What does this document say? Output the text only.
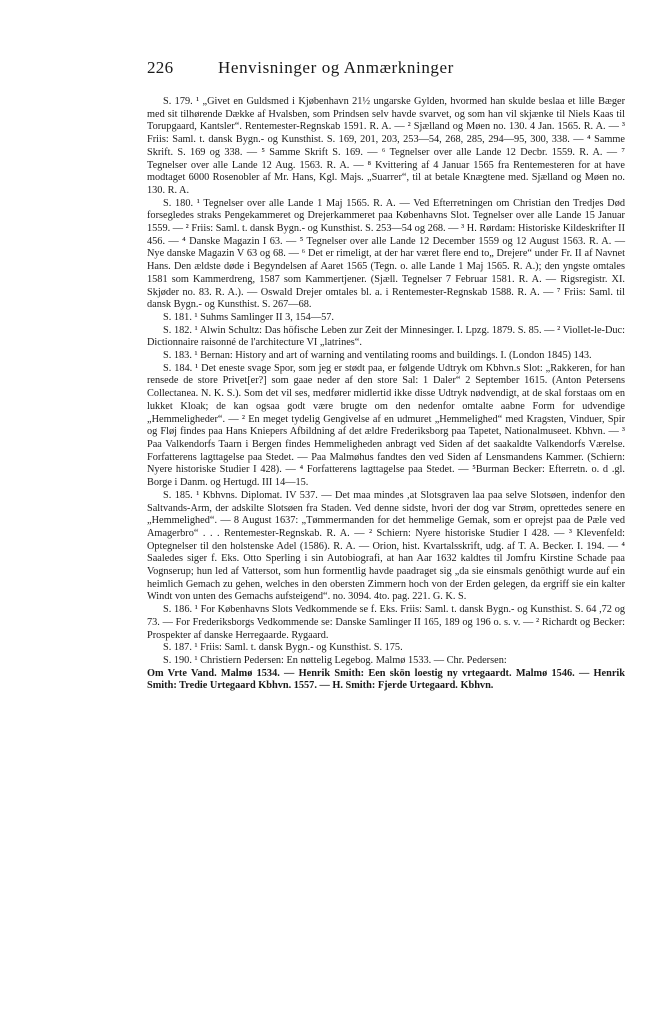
226	Henvisninger og Anmærkninger

S. 179. ¹ „Givet en Guldsmed i Kjøbenhavn 21½ ungarske Gylden, hvormed han skulde beslaa et lille Bæger med sit tilhørende Dække af Hvalsben, som Prindsen selv havde svarvet, og som han vil skjænke til Niels Kaas til Torupgaard, Kantsler“. Rentemester-Regnskab 1591. R. A. — ² Sjælland og Møen no. 130. 4 Jan. 1565. R. A. — ³ Friis: Saml. t. dansk Bygn.- og Kunsthist. S. 169, 201, 203, 253—54, 268, 285, 294—95, 300, 338. — ⁴ Samme Skrift. S. 169 og 338. — ⁵ Samme Skrift S. 169. — ⁶ Tegnelser over alle Lande 12 Decbr. 1559. R. A. — ⁷ Tegnelser over alle Lande 12 Aug. 1563. R. A. — ⁸ Kvittering af 4 Januar 1565 fra Rentemesteren for at have modtaget 6000 Rosenobler af Mr. Hans, Kgl. Majs. „Suarrer“, til at betale Knægtene med. Sjælland og Møen no. 130. R. A.

S. 180. ¹ Tegnelser over alle Lande 1 Maj 1565. R. A. — Ved Efterretningen om Christian den Tredjes Død forsegledes straks Pengekammeret og Drejerkammeret paa Københavns Slot. Tegnelser over alle Lande 15 Januar 1559. — ² Friis: Saml. t. dansk Bygn.- og Kunsthist. S. 253—54 og 268. — ³ H. Rørdam: Historiske Kildeskrifter II 456. — ⁴ Danske Magazin I 63. — ⁵ Tegnelser over alle Lande 12 December 1559 og 12 August 1563. R. A. — Nye danske Magazin V 63 og 68. — ⁶ Det er rimeligt, at der har været flere end to„ Drejere“ under Fr. II af Navnet Hans. Den ældste døde i Begyndelsen af Aaret 1565 (Tegn. o. alle Lande 1 Maj 1565. R. A.); den yngste omtales 1581 som Kammerdreng, 1587 som Kammertjener. (Sjæll. Tegnelser 7 Februar 1581. R. A. — Rigsregistr. XI. Skjøder no. 83. R. A.). — Oswald Drejer omtales bl. a. i Rentemester-Regnskab 1588. R. A. — ⁷ Friis: Saml. til dansk Bygn.- og Kunsthist. S. 267—68.

S. 181. ¹ Suhms Samlinger II 3, 154—57.

S. 182. ¹ Alwin Schultz: Das höfische Leben zur Zeit der Minnesinger. I. Lpzg. 1879. S. 85. — ² Viollet-le-Duc: Dictionnaire raisonné de l'architecture VI „latrines“.

S. 183. ¹ Bernan: History and art of warning and ventilating rooms and buildings. I. (London 1845) 143.

S. 184. ¹ Det eneste svage Spor, som jeg er stødt paa, er følgende Udtryk om Kbhvn.s Slot: „Rakkeren, for han rensede de store Privet[er?] som gaae neder af den store Sal: 1 Daler“ 2 September 1615. (Anton Petersens Collectanea. N. K. S.). Som det vil ses, medfører midlertid ikke disse Udtryk nødvendigt, at de skal forstaas om en lukket Kloak; de kan ogsaa godt være brugte om den nedenfor omtalte aabne Form for udvendige „Hemmeligheder“. — ² En meget tydelig Gengivelse af en udmuret „Hemmelighed“ med Kragsten, Vinduer, Spir og Fløj findes paa Hans Kniepers Afbildning af det ældre Frederiksborg paa Tapetet, Nationalmuseet. Kbhvn. — ³ Paa Valkendorfs Taarn i Bergen findes Hemmeligheden anbragt ved Siden af det saakaldte Valkendorfs Værelse. Forfatterens lagttagelse paa Stedet. — Paa Malmøhus fandtes den ved Siden af Lensmandens Kammer. (Schiern: Nyere historiske Studier I 428). — ⁴ Forfatterens lagttagelse paa Stedet. — ⁵Burman Becker: Efterretn. o. d .gl. Borge i Danm. og Hertugd. III 14—15.

S. 185. ¹ Kbhvns. Diplomat. IV 537. — Det maa mindes ,at Slotsgraven laa paa selve Slotsøen, indenfor den Saltvands-Arm, der adskilte Slotsøen fra Staden. Ved denne sidste, hvori der dog var Strøm, oprettedes senere en „Hemmelighed“. — 8 August 1637: „Tømmermanden for det hemmelige Gemak, som er oprejst paa de Pæle ved Amagerbro“ . . . Rentemester-Regnskab. R. A. — ² Schiern: Nyere historiske Studier I 428. — ³ Klevenfeld: Optegnelser til den holstenske Adel (1586). R. A. — Orion, hist. Kvartalsskrift, udg. af T. A. Becker. I. 194. — ⁴ Saaledes siger f. Eks. Otto Sperling i sin Autobiografi, at han Aar 1632 kaldtes til Jomfru Kirstine Schade paa Vognserup; hun led af Vattersot, som hun formentlig havde paadraget sig „da sie einsmals genöthigt wurde auf ein heimlich Gemach zu gehen, welches in den obersten Zimmern hoch von der Erden gelegen, da ergriff sie ein kalter Windt von unten des Gemachs aufsteigend“. no. 3094. 4to. pag. 221. G. K. S.

S. 186. ¹ For Københavns Slots Vedkommende se f. Eks. Friis: Saml. t. dansk Bygn.- og Kunsthist. S. 64 ,72 og 73. — For Frederiksborgs Vedkommende se: Danske Samlinger II 165, 189 og 196 o. s. v. — ² Richardt og Becker: Prospekter af danske Herregaarde. Rygaard.

S. 187. ¹ Friis: Saml. t. dansk Bygn.- og Kunsthist. S. 175.

S. 190. ¹ Christiern Pedersen: En nøttelig Legebog. Malmø 1533. — Chr. Pedersen:

Om Vrte Vand. Malmø 1534. — Henrik Smith: Een skön loestig ny vrtegaardt. Malmø 1546. — Henrik Smith: Tredie Urtegaard Kbhvn. 1557. — H. Smith: Fjerde Urtegaard. Kbhvn.
